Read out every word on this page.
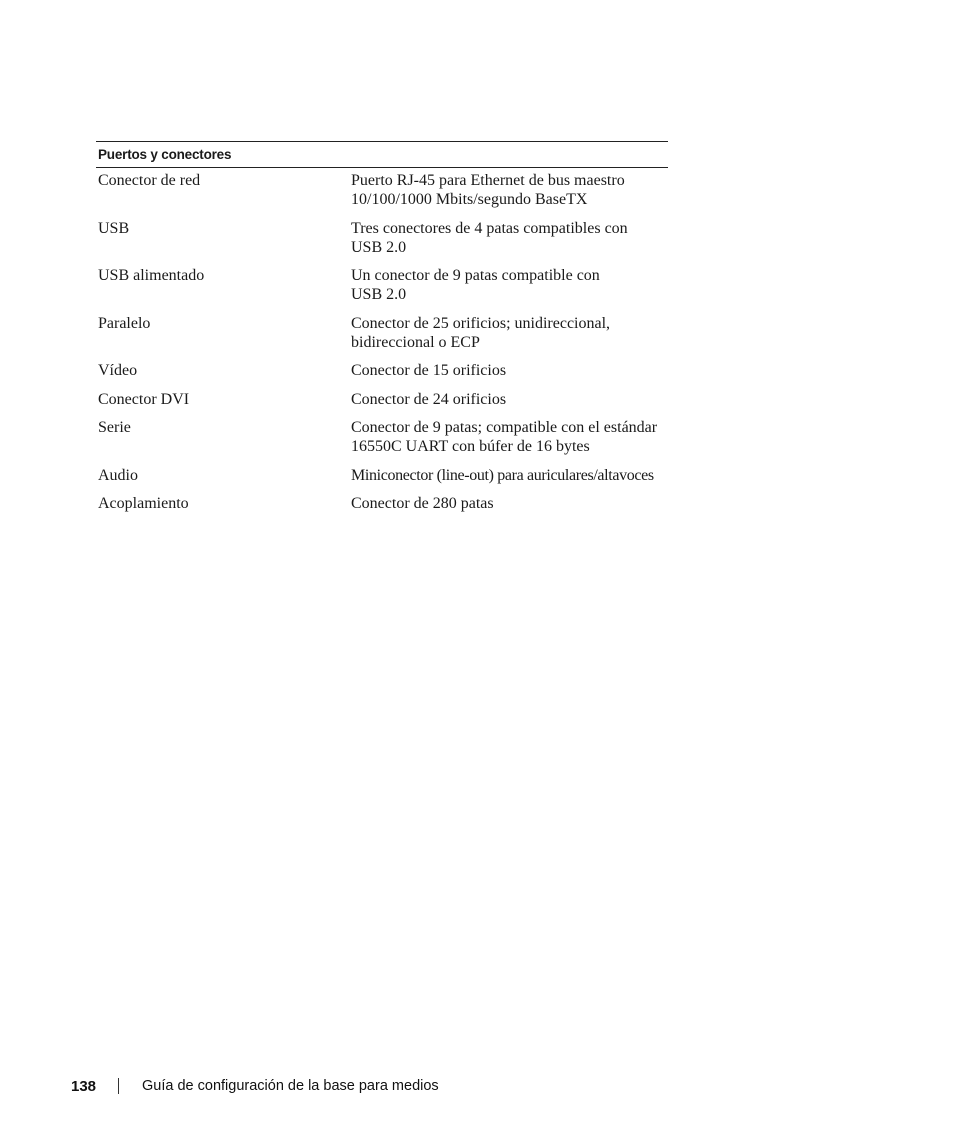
Puertos y conectores
Conector de red	Puerto RJ-45 para Ethernet de bus maestro
10/100/1000 Mbits/segundo BaseTX
USB	Tres conectores de 4 patas compatibles con
USB 2.0
USB alimentado	Un conector de 9 patas compatible con
USB 2.0
Paralelo	Conector de 25 orificios; unidireccional,
bidireccional o ECP
Vídeo	Conector de 15 orificios
Conector DVI	Conector de 24 orificios
Serie	Conector de 9 patas; compatible con el estándar
16550C UART con búfer de 16 bytes
Audio	Miniconector (line-out) para auriculares/altavoces
Acoplamiento	Conector de 280 patas
138	Guía de configuración de la base para medios
